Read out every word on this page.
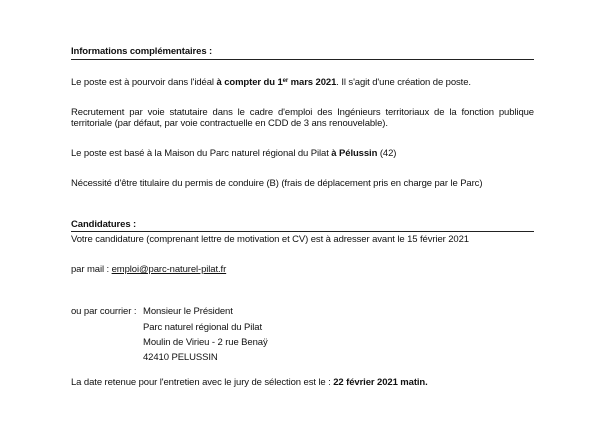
Informations complémentaires :
Le poste est à pourvoir dans l'idéal à compter du 1er mars 2021. Il s'agit d'une création de poste.
Recrutement par voie statutaire dans le cadre d'emploi des Ingénieurs territoriaux de la fonction publique territoriale (par défaut, par voie contractuelle en CDD de 3 ans renouvelable).
Le poste est basé à la Maison du Parc naturel régional du Pilat à Pélussin (42)
Nécessité d'être titulaire du permis de conduire (B) (frais de déplacement pris en charge par le Parc)
Candidatures :
Votre candidature (comprenant lettre de motivation et CV) est à adresser avant le 15 février 2021
par mail : emploi@parc-naturel-pilat.fr
ou par courrier : Monsieur le Président
Parc naturel régional du Pilat
Moulin de Virieu - 2 rue Benaÿ
42410 PELUSSIN
La date retenue pour l'entretien avec le jury de sélection est le : 22 février 2021 matin.
